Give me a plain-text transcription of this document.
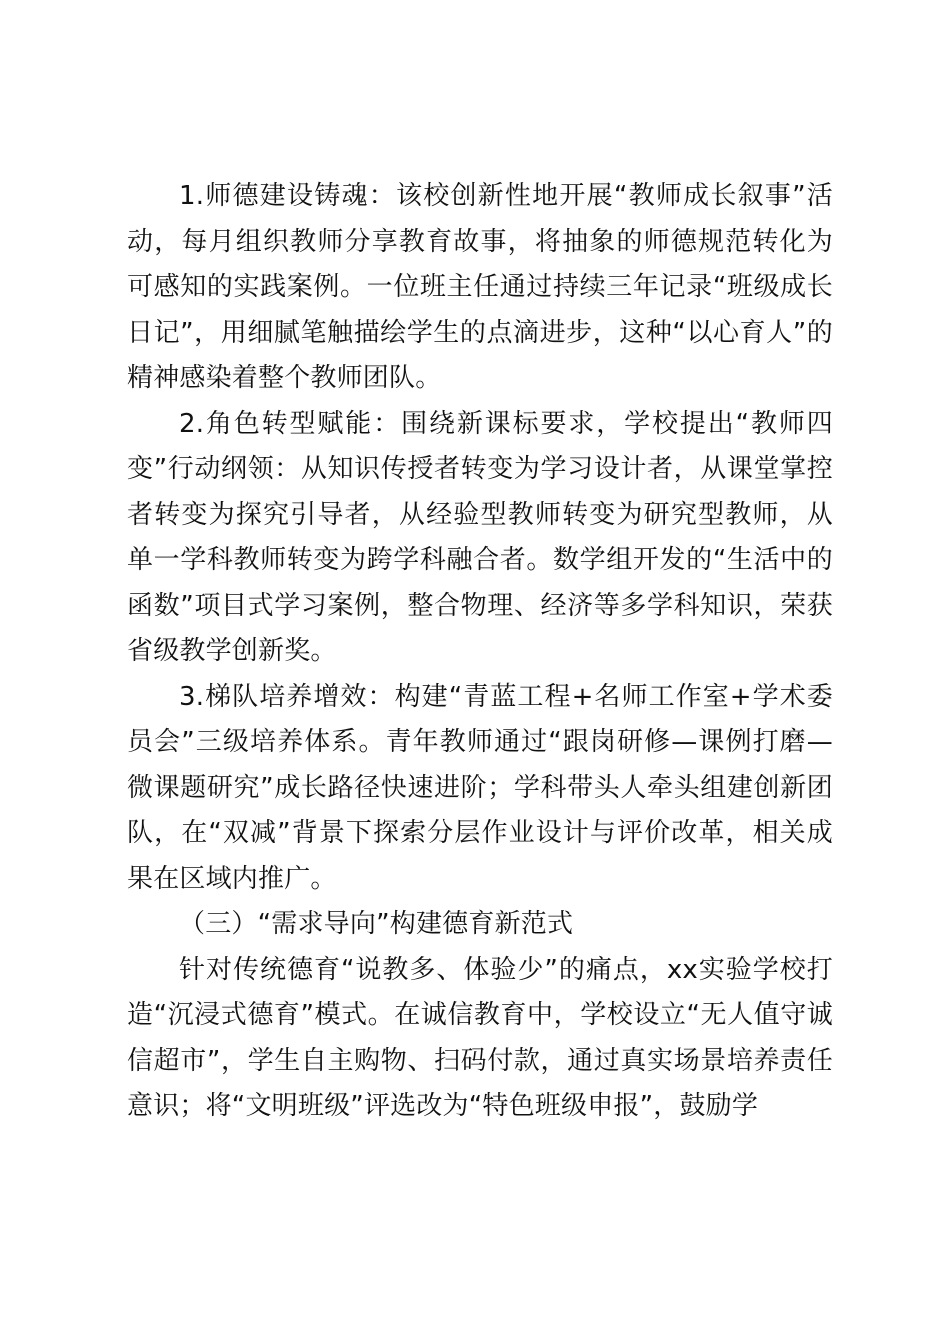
1.师德建设铸魂：该校创新性地开展“教师成长叙事”活动，每月组织教师分享教育故事，将抽象的师德规范转化为可感知的实践案例。一位班主任通过持续三年记录“班级成长日记”，用细腻笔触描绘学生的点滴进步，这种“以心育人”的精神感染着整个教师团队。

2.角色转型赋能：围绕新课标要求，学校提出“教师四变”行动纲领：从知识传授者转变为学习设计者，从课堂掌控者转变为探究引导者，从经验型教师转变为研究型教师，从单一学科教师转变为跨学科融合者。数学组开发的“生活中的函数”项目式学习案例，整合物理、经济等多学科知识，荣获省级教学创新奖。

3.梯队培养增效：构建“青蓝工程+名师工作室+学术委员会”三级培养体系。青年教师通过“跟岗研修—课例打磨—微课题研究”成长路径快速进阶；学科带头人牵头组建创新团队，在“双减”背景下探索分层作业设计与评价改革，相关成果在区域内推广。

（三）“需求导向”构建德育新范式

针对传统德育“说教多、体验少”的痛点，xx实验学校打造“沉浸式德育”模式。在诚信教育中，学校设立“无人值守诚信超市”，学生自主购物、扫码付款，通过真实场景培养责任意识；将“文明班级”评选改为“特色班级申报”，鼓励学
